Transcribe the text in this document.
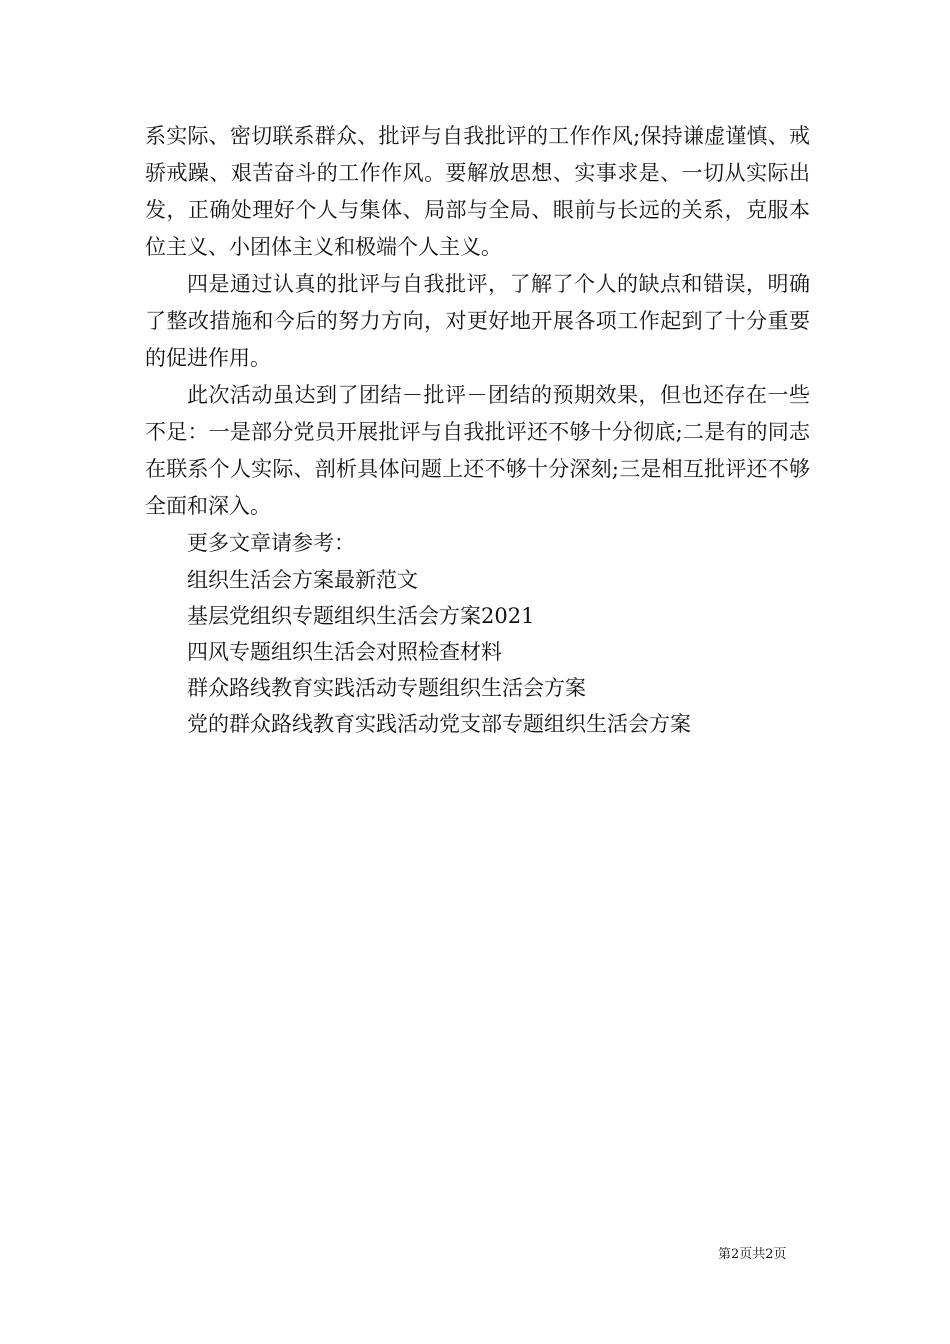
系实际、密切联系群众、批评与自我批评的工作作风;保持谦虚谨慎、戒骄戒躁、艰苦奋斗的工作作风。要解放思想、实事求是、一切从实际出发，正确处理好个人与集体、局部与全局、眼前与长远的关系，克服本位主义、小团体主义和极端个人主义。

四是通过认真的批评与自我批评，了解了个人的缺点和错误，明确了整改措施和今后的努力方向，对更好地开展各项工作起到了十分重要的促进作用。

此次活动虽达到了团结－批评－团结的预期效果，但也还存在一些不足：一是部分党员开展批评与自我批评还不够十分彻底;二是有的同志在联系个人实际、剖析具体问题上还不够十分深刻;三是相互批评还不够全面和深入。

更多文章请参考：

组织生活会方案最新范文
基层党组织专题组织生活会方案2021
四风专题组织生活会对照检查材料
群众路线教育实践活动专题组织生活会方案
党的群众路线教育实践活动党支部专题组织生活会方案
第2页共2页
